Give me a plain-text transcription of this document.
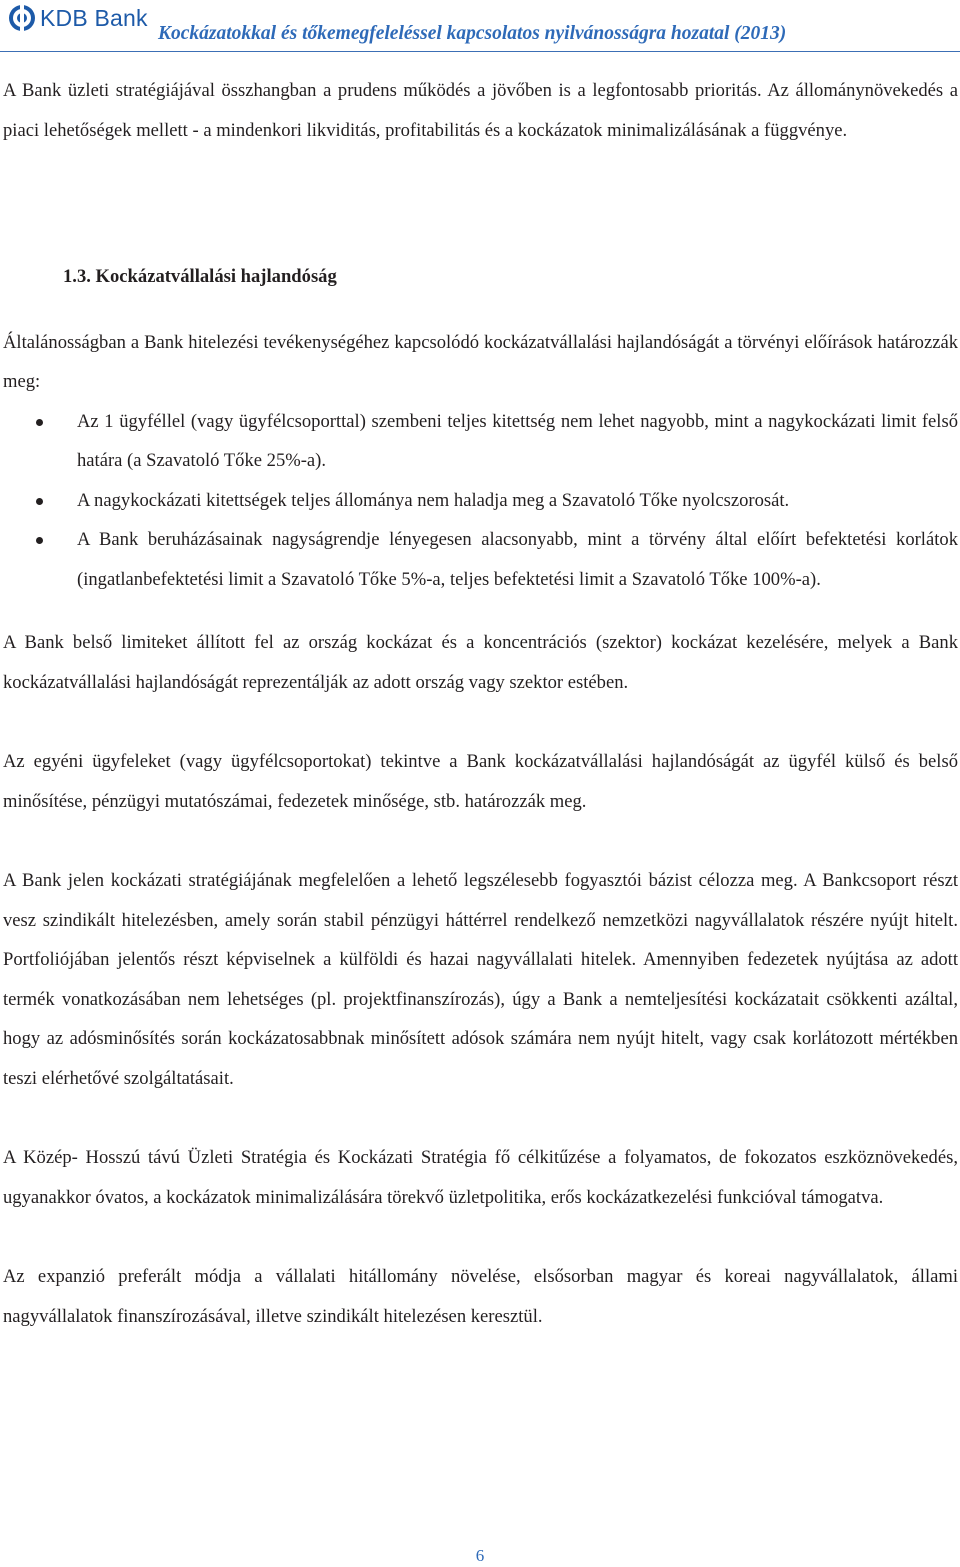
KDB Bank
Kockázatokkal és tőkemegfeleléssel kapcsolatos nyilvánosságra hozatal (2013)

A Bank üzleti stratégiájával összhangban a prudens működés a jövőben is a legfontosabb prioritás. Az állománynövekedés a piaci lehetőségek mellett - a mindenkori likviditás, profitabilitás és a kockázatok minimalizálásának a függvénye.

1.3. Kockázatvállalási hajlandóság

Általánosságban a Bank hitelezési tevékenységéhez kapcsolódó kockázatvállalási hajlandóságát a törvényi előírások határozzák meg:

Az 1 ügyféllel (vagy ügyfélcsoporttal) szembeni teljes kitettség nem lehet nagyobb, mint a nagykockázati limit felső határa (a Szavatoló Tőke 25%-a).
A nagykockázati kitettségek teljes állománya nem haladja meg a Szavatoló Tőke nyolcszorosát.
A Bank beruházásainak nagyságrendje lényegesen alacsonyabb, mint a törvény által előírt befektetési korlátok (ingatlanbefektetési limit a Szavatoló Tőke 5%-a, teljes befektetési limit a Szavatoló Tőke 100%-a).

A Bank belső limiteket állított fel az ország kockázat és a koncentrációs (szektor) kockázat kezelésére, melyek a Bank kockázatvállalási hajlandóságát reprezentálják az adott ország vagy szektor estében.

Az egyéni ügyfeleket (vagy ügyfélcsoportokat) tekintve a Bank kockázatvállalási hajlandóságát az ügyfél külső és belső minősítése, pénzügyi mutatószámai, fedezetek minősége, stb. határozzák meg.

A Bank jelen kockázati stratégiájának megfelelően a lehető legszélesebb fogyasztói bázist célozza meg. A Bankcsoport részt vesz szindikált hitelezésben, amely során stabil pénzügyi háttérrel rendelkező nemzetközi nagyvállalatok részére nyújt hitelt. Portfoliójában jelentős részt képviselnek a külföldi és hazai nagyvállalati hitelek. Amennyiben fedezetek nyújtása az adott termék vonatkozásában nem lehetséges (pl. projektfinanszírozás), úgy a Bank a nemteljesítési kockázatait csökkenti azáltal, hogy az adósminősítés során kockázatosabbnak minősített adósok számára nem nyújt hitelt, vagy csak korlátozott mértékben teszi elérhetővé szolgáltatásait.

A Közép- Hosszú távú Üzleti Stratégia és Kockázati Stratégia fő célkitűzése a folyamatos, de fokozatos eszköznövekedés, ugyanakkor óvatos, a kockázatok minimalizálására törekvő üzletpolitika, erős kockázatkezelési funkcióval támogatva.

Az expanzió preferált módja a vállalati hitállomány növelése, elsősorban magyar és koreai nagyvállalatok, állami nagyvállalatok finanszírozásával, illetve szindikált hitelezésen keresztül.

6
